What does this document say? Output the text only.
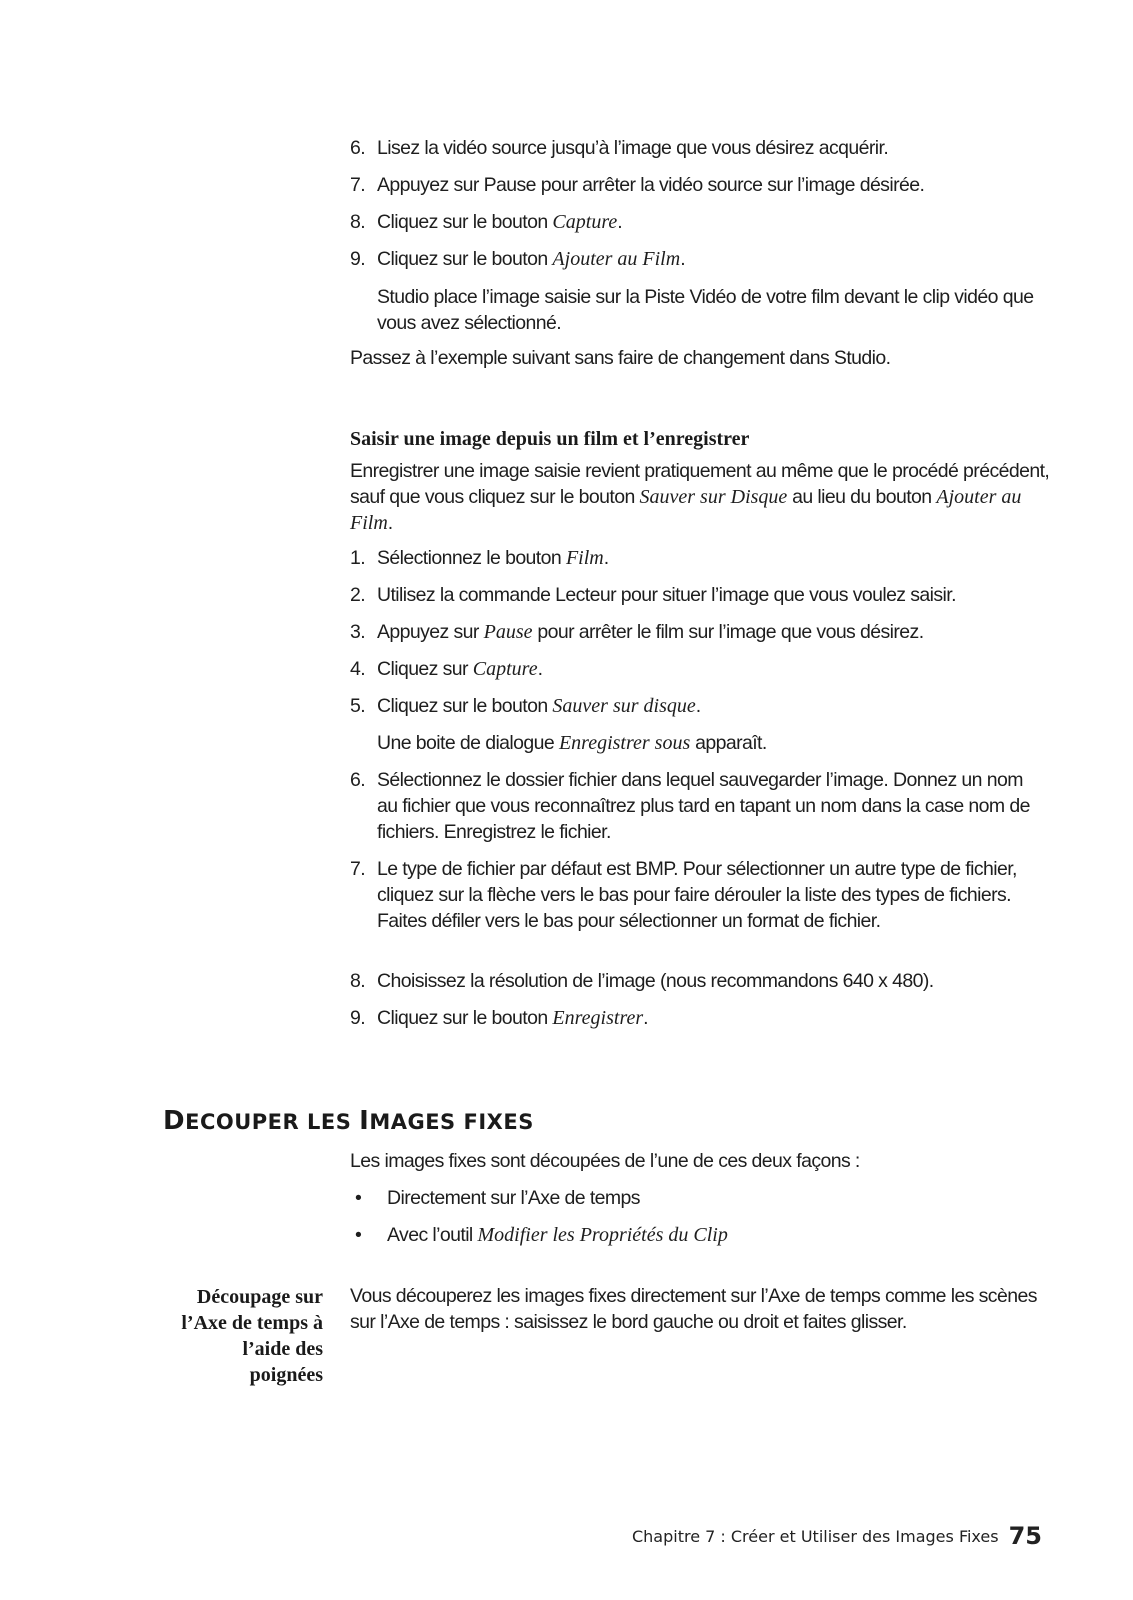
6. Lisez la vidéo source jusqu’à l’image que vous désirez acquérir.
7. Appuyez sur Pause pour arrêter la vidéo source sur l’image désirée.
8. Cliquez sur le bouton Capture.
9. Cliquez sur le bouton Ajouter au Film.
Studio place l’image saisie sur la Piste Vidéo de votre film devant le clip vidéo que vous avez sélectionné.
Passez à l’exemple suivant sans faire de changement dans Studio.
Saisir une image depuis un film et l’enregistrer
Enregistrer une image saisie revient pratiquement au même que le procédé précédent, sauf que vous cliquez sur le bouton Sauver sur Disque au lieu du bouton Ajouter au Film.
1. Sélectionnez le bouton Film.
2. Utilisez la commande Lecteur pour situer l’image que vous voulez saisir.
3. Appuyez sur Pause pour arrêter le film sur l’image que vous désirez.
4. Cliquez sur Capture.
5. Cliquez sur le bouton Sauver sur disque.
Une boite de dialogue Enregistrer sous apparaît.
6. Sélectionnez le dossier fichier dans lequel sauvegarder l’image. Donnez un nom au fichier que vous reconnaîtrez plus tard en tapant un nom dans la case nom de fichiers. Enregistrez le fichier.
7. Le type de fichier par défaut est BMP. Pour sélectionner un autre type de fichier, cliquez sur la flèche vers le bas pour faire dérouler la liste des types de fichiers. Faites défiler vers le bas pour sélectionner un format de fichier.
8. Choisissez la résolution de l’image (nous recommandons 640 x 480).
9. Cliquez sur le bouton Enregistrer.
DECOUPER LES IMAGES FIXES
Les images fixes sont découpées de l’une de ces deux façons :
• Directement sur l’Axe de temps
• Avec l’outil Modifier les Propriétés du Clip
Découpage sur
l’Axe de temps à
l’aide des
poignées
Vous découperez les images fixes directement sur l’Axe de temps comme les scènes sur l’Axe de temps : saisissez le bord gauche ou droit et faites glisser.
Chapitre 7 : Créer et Utiliser des Images Fixes 75
